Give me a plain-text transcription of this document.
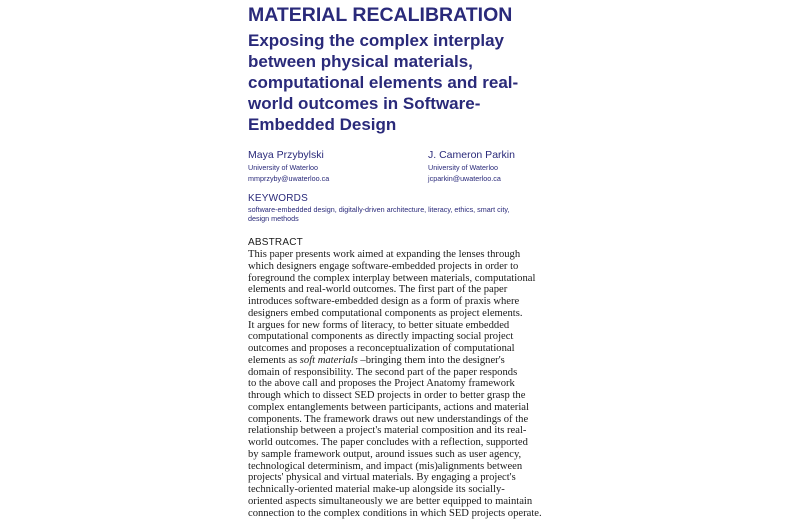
MATERIAL RECALIBRATION
Exposing the complex interplay between physical materials, computational elements and real-world outcomes in Software-Embedded Design
Maya Przybylski
University of Waterloo
mmprzyby@uwaterloo.ca
J. Cameron Parkin
University of Waterloo
jcparkin@uwaterloo.ca
KEYWORDS
software-embedded design, digitally-driven architecture, literacy, ethics, smart city,
design methods
ABSTRACT
This paper presents work aimed at expanding the lenses through
which designers engage software-embedded projects in order to
foreground the complex interplay between materials, computational
elements and real-world outcomes. The first part of the paper
introduces software-embedded design as a form of praxis where
designers embed computational components as project elements.
It argues for new forms of literacy, to better situate embedded
computational components as directly impacting social project
outcomes and proposes a reconceptualization of computational
elements as soft materials –bringing them into the designer's
domain of responsibility. The second part of the paper responds
to the above call and proposes the Project Anatomy framework
through which to dissect SED projects in order to better grasp the
complex entanglements between participants, actions and material
components. The framework draws out new understandings of the
relationship between a project's material composition and its real-
world outcomes. The paper concludes with a reflection, supported
by sample framework output, around issues such as user agency,
technological determinism, and impact (mis)alignments between
projects' physical and virtual materials. By engaging a project's
technically-oriented material make-up alongside its socially-
oriented aspects simultaneously we are better equipped to maintain
connection to the complex conditions in which SED projects operate.
